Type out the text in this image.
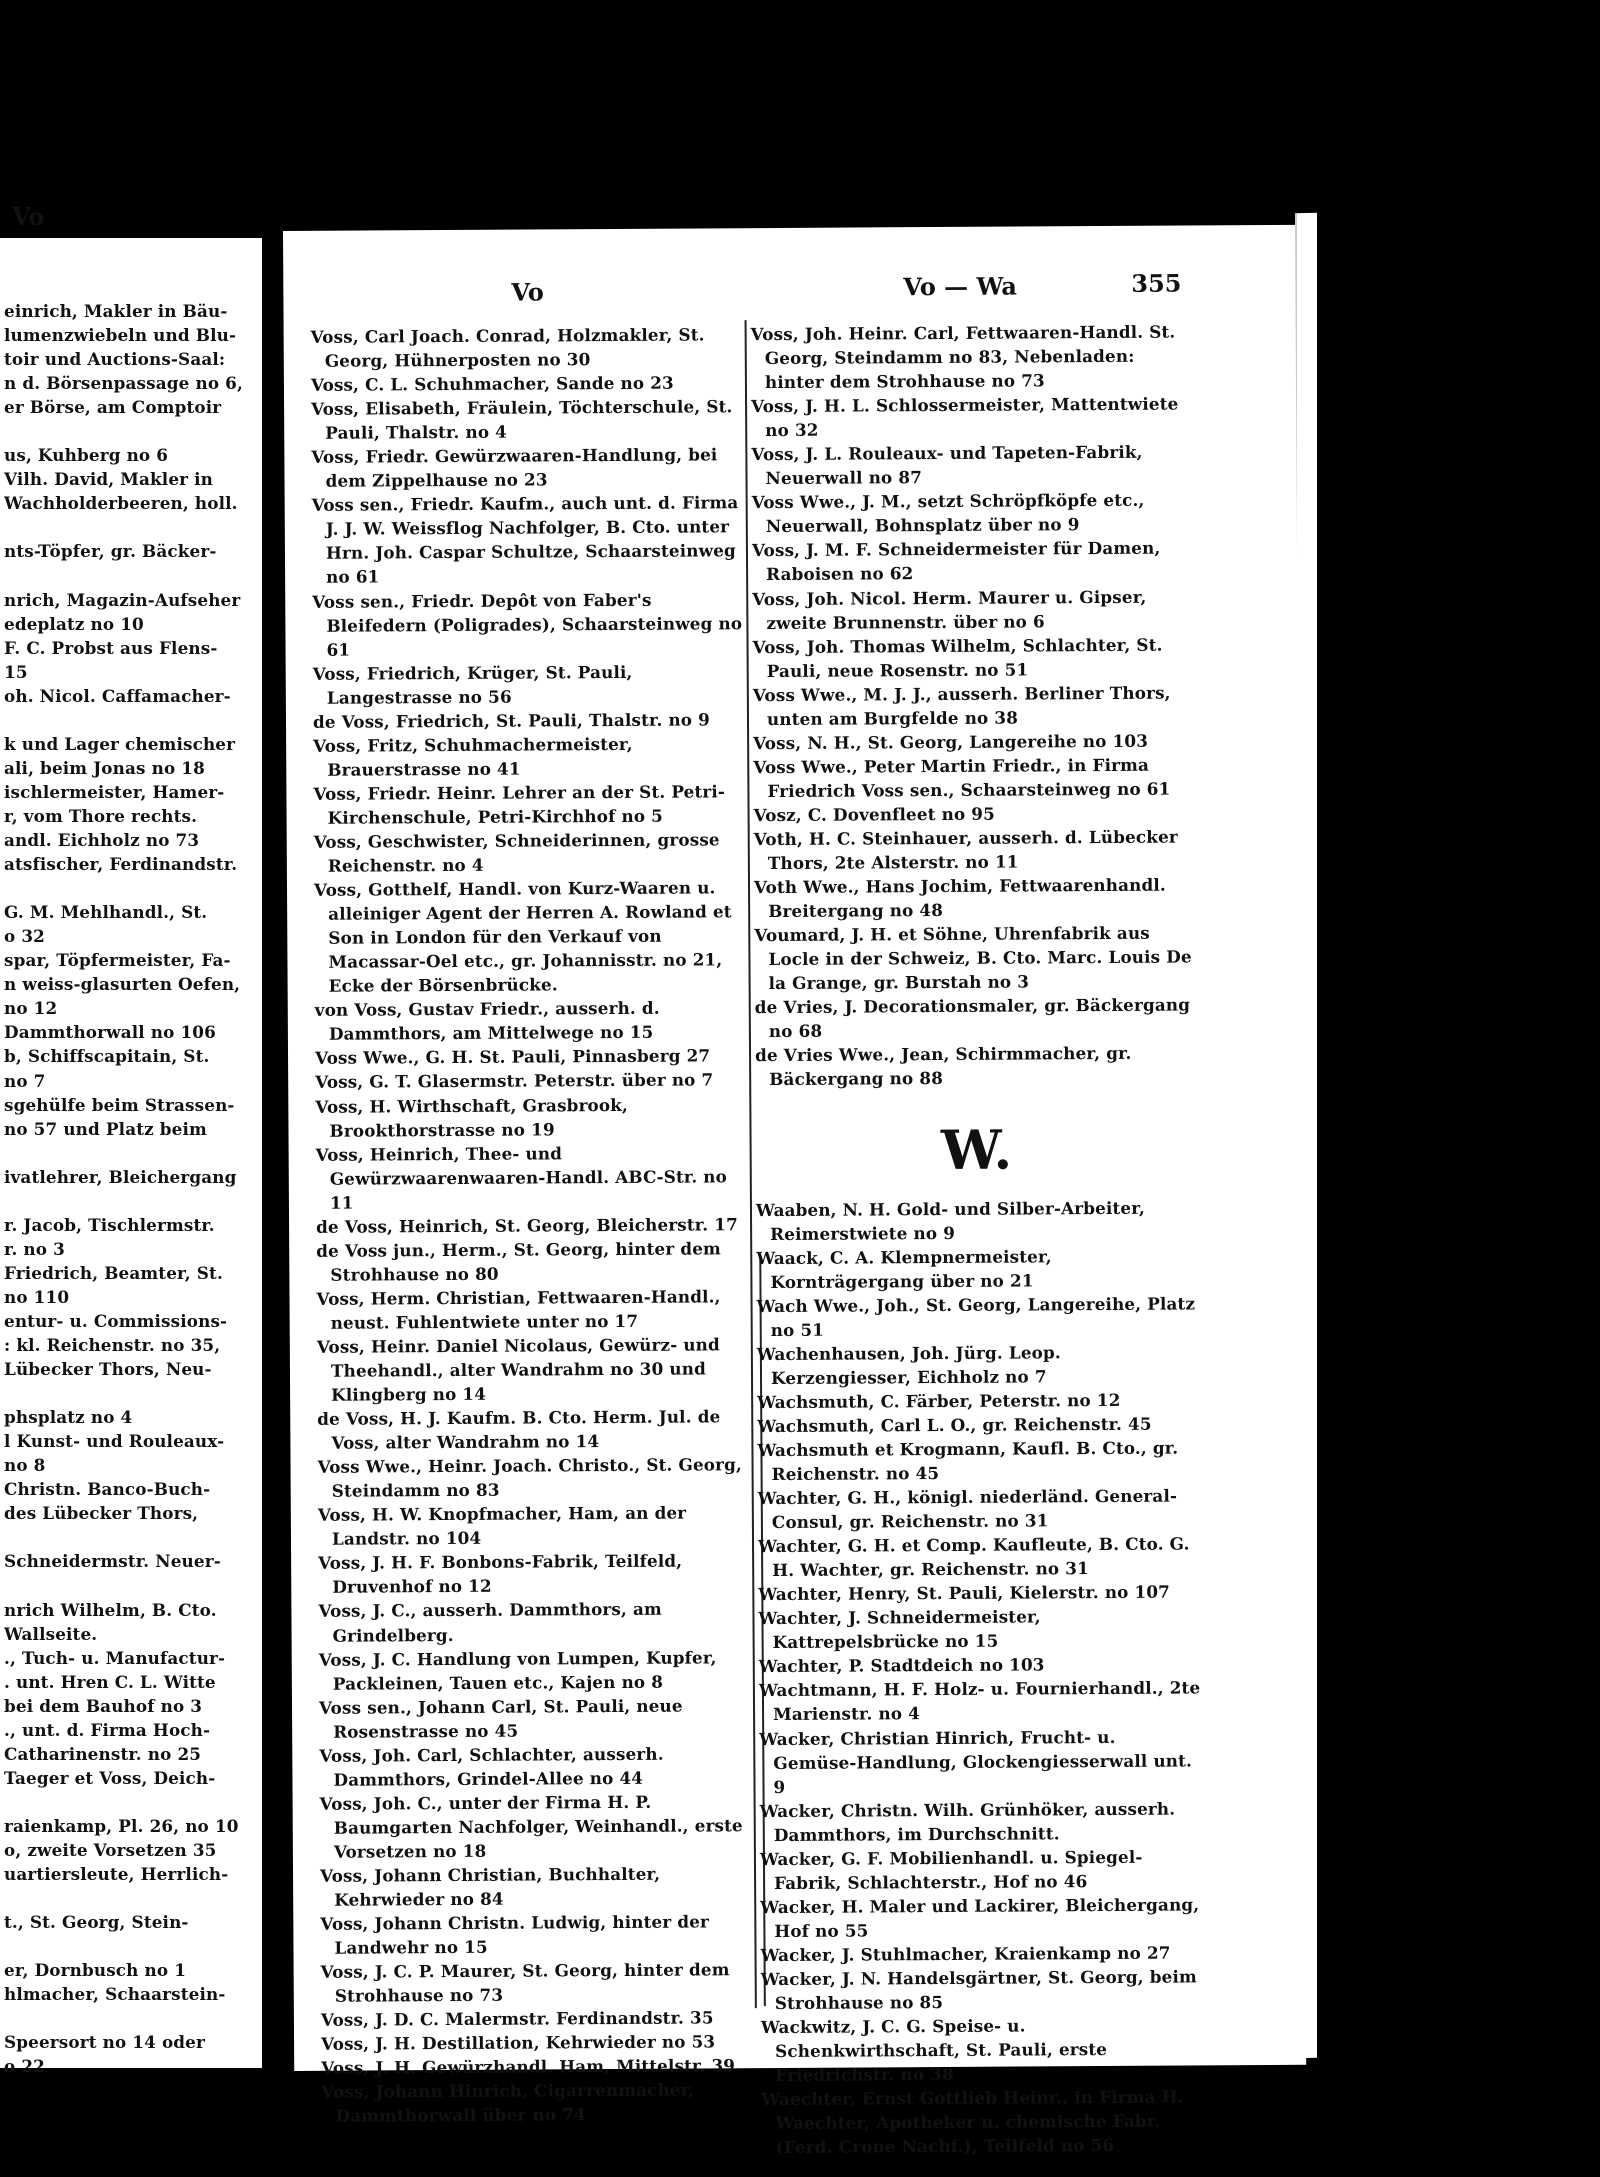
Vo

einrich, Makler in Bäu-

lumenzwiebeln und Blu-

toir und Auctions-Saal:

n d. Börsenpassage no 6,

er Börse, am Comptoir

us, Kuhberg no 6

Vilh. David, Makler in

Wachholderbeeren, holl.

nts-Töpfer, gr. Bäcker-

nrich, Magazin-Aufseher

edeplatz no 10

F. C. Probst aus Flens-

15

oh. Nicol. Caffamacher-

k und Lager chemischer

ali, beim Jonas no 18

ischlermeister, Hamer-

r, vom Thore rechts.

andl. Eichholz no 73

atsfischer, Ferdinandstr.

G. M. Mehlhandl., St.

o 32

spar, Töpfermeister, Fa-

n weiss-glasurten Oefen,

no 12

Dammthorwall no 106

b, Schiffscapitain, St.

no 7

sgehülfe beim Strassen-

no 57 und Platz beim

ivatlehrer, Bleichergang

r. Jacob, Tischlermstr.

r. no 3

Friedrich, Beamter, St.

no 110

entur- u. Commissions-

: kl. Reichenstr. no 35,

Lübecker Thors, Neu-

phsplatz no 4

l Kunst- und Rouleaux-

no 8

Christn. Banco-Buch-

des Lübecker Thors,

Schneidermstr. Neuer-

nrich Wilhelm, B. Cto.

Wallseite.

., Tuch- u. Manufactur-

. unt. Hren C. L. Witte

bei dem Bauhof no 3

., unt. d. Firma Hoch-

Catharinenstr. no 25

Taeger et Voss, Deich-

raienkamp, Pl. 26, no 10

o, zweite Vorsetzen 35

uartiersleute, Herrlich-

t., St. Georg, Stein-

er, Dornbusch no 1

hlmacher, Schaarstein-

Speersort no 14 oder

o 22

Vo	Vo — Wa	355

Voss, Carl Joach. Conrad, Holzmakler, St. Georg, Hühnerposten no 30

Voss, C. L. Schuhmacher, Sande no 23

Voss, Elisabeth, Fräulein, Töchterschule, St. Pauli, Thalstr. no 4

Voss, Friedr. Gewürzwaaren-Handlung, bei dem Zippelhause no 23

Voss sen., Friedr. Kaufm., auch unt. d. Firma J. J. W. Weissflog Nachfolger, B. Cto. unter Hrn. Joh. Caspar Schultze, Schaarsteinweg no 61

Voss sen., Friedr. Depôt von Faber's Bleifedern (Poligrades), Schaarsteinweg no 61

Voss, Friedrich, Krüger, St. Pauli, Langestrasse no 56

de Voss, Friedrich, St. Pauli, Thalstr. no 9

Voss, Fritz, Schuhmachermeister, Brauerstrasse no 41

Voss, Friedr. Heinr. Lehrer an der St. Petri-Kirchenschule, Petri-Kirchhof no 5

Voss, Geschwister, Schneiderinnen, grosse Reichenstr. no 4

Voss, Gotthelf, Handl. von Kurz-Waaren u. alleiniger Agent der Herren A. Rowland et Son in London für den Verkauf von Macassar-Oel etc., gr. Johannisstr. no 21, Ecke der Börsenbrücke.

von Voss, Gustav Friedr., ausserh. d. Dammthors, am Mittelwege no 15

Voss Wwe., G. H. St. Pauli, Pinnasberg 27

Voss, G. T. Glasermstr. Peterstr. über no 7

Voss, H. Wirthschaft, Grasbrook, Brookthorstrasse no 19

Voss, Heinrich, Thee- und Gewürzwaarenwaaren-Handl. ABC-Str. no 11

de Voss, Heinrich, St. Georg, Bleicherstr. 17

de Voss jun., Herm., St. Georg, hinter dem Strohhause no 80

Voss, Herm. Christian, Fettwaaren-Handl., neust. Fuhlentwiete unter no 17

Voss, Heinr. Daniel Nicolaus, Gewürz- und Theehandl., alter Wandrahm no 30 und Klingberg no 14

de Voss, H. J. Kaufm. B. Cto. Herm. Jul. de Voss, alter Wandrahm no 14

Voss Wwe., Heinr. Joach. Christo., St. Georg, Steindamm no 83

Voss, H. W. Knopfmacher, Ham, an der Landstr. no 104

Voss, J. H. F. Bonbons-Fabrik, Teilfeld, Druvenhof no 12

Voss, J. C., ausserh. Dammthors, am Grindelberg.

Voss, J. C. Handlung von Lumpen, Kupfer, Packleinen, Tauen etc., Kajen no 8

Voss sen., Johann Carl, St. Pauli, neue Rosenstrasse no 45

Voss, Joh. Carl, Schlachter, ausserh. Dammthors, Grindel-Allee no 44

Voss, Joh. C., unter der Firma H. P. Baumgarten Nachfolger, Weinhandl., erste Vorsetzen no 18

Voss, Johann Christian, Buchhalter, Kehrwieder no 84

Voss, Johann Christn. Ludwig, hinter der Landwehr no 15

Voss, J. C. P. Maurer, St. Georg, hinter dem Strohhause no 73

Voss, J. D. C. Malermstr. Ferdinandstr. 35

Voss, J. H. Destillation, Kehrwieder no 53

Voss, J. H. Gewürzhandl. Ham, Mittelstr. 39

Voss, Johann Hinrich, Cigarrenmacher, Dammthorwall über no 74

Voss, Joh. Heinr. Carl, Fettwaaren-Handl. St. Georg, Steindamm no 83, Nebenladen: hinter dem Strohhause no 73

Voss, J. H. L. Schlossermeister, Mattentwiete no 32

Voss, J. L. Rouleaux- und Tapeten-Fabrik, Neuerwall no 87

Voss Wwe., J. M., setzt Schröpfköpfe etc., Neuerwall, Bohnsplatz über no 9

Voss, J. M. F. Schneidermeister für Damen, Raboisen no 62

Voss, Joh. Nicol. Herm. Maurer u. Gipser, zweite Brunnenstr. über no 6

Voss, Joh. Thomas Wilhelm, Schlachter, St. Pauli, neue Rosenstr. no 51

Voss Wwe., M. J. J., ausserh. Berliner Thors, unten am Burgfelde no 38

Voss, N. H., St. Georg, Langereihe no 103

Voss Wwe., Peter Martin Friedr., in Firma Friedrich Voss sen., Schaarsteinweg no 61

Vosz, C. Dovenfleet no 95

Voth, H. C. Steinhauer, ausserh. d. Lübecker Thors, 2te Alsterstr. no 11

Voth Wwe., Hans Jochim, Fettwaarenhandl. Breitergang no 48

Voumard, J. H. et Söhne, Uhrenfabrik aus Locle in der Schweiz, B. Cto. Marc. Louis De la Grange, gr. Burstah no 3

de Vries, J. Decorationsmaler, gr. Bäckergang no 68

de Vries Wwe., Jean, Schirmmacher, gr. Bäckergang no 88

W.

Waaben, N. H. Gold- und Silber-Arbeiter, Reimerstwiete no 9

Waack, C. A. Klempnermeister, Kornträgergang über no 21

Wach Wwe., Joh., St. Georg, Langereihe, Platz no 51

Wachenhausen, Joh. Jürg. Leop. Kerzengiesser, Eichholz no 7

Wachsmuth, C. Färber, Peterstr. no 12

Wachsmuth, Carl L. O., gr. Reichenstr. 45

Wachsmuth et Krogmann, Kaufl. B. Cto., gr. Reichenstr. no 45

Wachter, G. H., königl. niederländ. General-Consul, gr. Reichenstr. no 31

Wachter, G. H. et Comp. Kaufleute, B. Cto. G. H. Wachter, gr. Reichenstr. no 31

Wachter, Henry, St. Pauli, Kielerstr. no 107

Wachter, J. Schneidermeister, Kattrepelsbrücke no 15

Wachter, P. Stadtdeich no 103

Wachtmann, H. F. Holz- u. Fournierhandl., 2te Marienstr. no 4

Wacker, Christian Hinrich, Frucht- u. Gemüse-Handlung, Glockengiesserwall unt. 9

Wacker, Christn. Wilh. Grünhöker, ausserh. Dammthors, im Durchschnitt.

Wacker, G. F. Mobilienhandl. u. Spiegel-Fabrik, Schlachterstr., Hof no 46

Wacker, H. Maler und Lackirer, Bleichergang, Hof no 55

Wacker, J. Stuhlmacher, Kraienkamp no 27

Wacker, J. N. Handelsgärtner, St. Georg, beim Strohhause no 85

Wackwitz, J. C. G. Speise- u. Schenkwirthschaft, St. Pauli, erste Friedrichstr. no 38

Waechter, Ernst Gottlieb Heinr., in Firma H. Waechter, Apotheker u. chemische Fabr. (Ferd. Crone Nachf.), Teilfeld no 56
